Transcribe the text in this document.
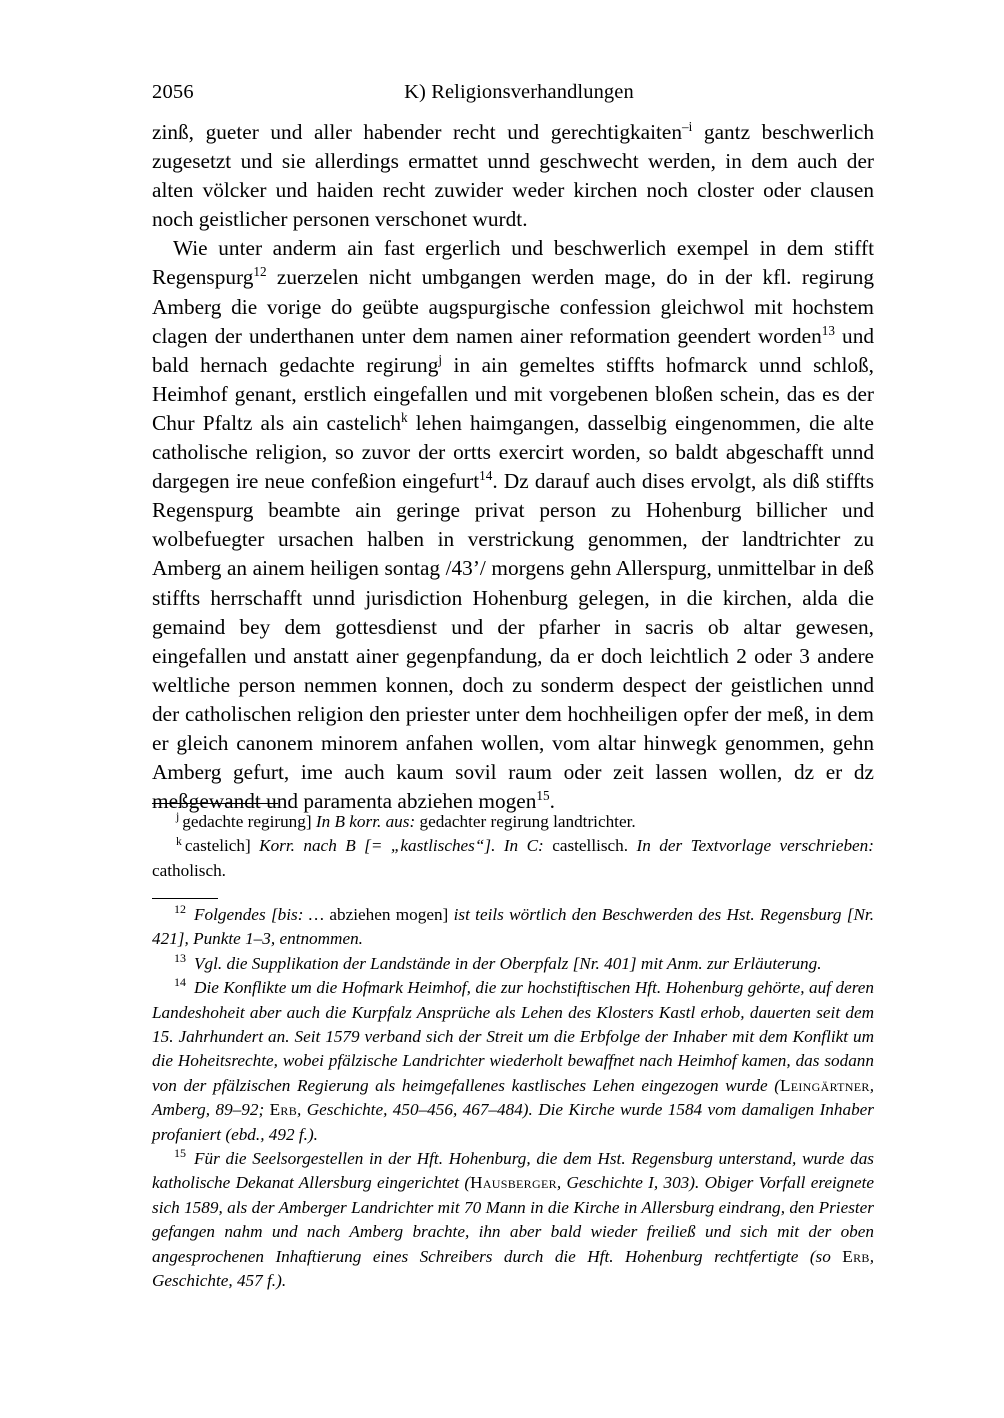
2056	K) Religionsverhandlungen

zinß, gueter und aller habender recht und gerechtigkaiten$^{-i}$ gantz beschwerlich zugesetzt und sie allerdings ermattet unnd geschwecht werden, in dem auch der alten völcker und haiden recht zuwider weder kirchen noch closter oder clausen noch geistlicher personen verschonet wurdt.

Wie unter anderm ain fast ergerlich und beschwerlich exempel in dem stifft Regenspurg$^{12}$ zuerzelen nicht umbgangen werden mage, do in der kfl. regirung Amberg die vorige do geübte augspurgische confession gleichwol mit hochstem clagen der underthanen unter dem namen ainer reformation geendert worden$^{13}$ und bald hernach gedachte regirung$^j$ in ain gemeltes stiffts hofmarck unnd schloß, Heimhof genant, erstlich eingefallen und mit vorgebenen bloßen schein, das es der Chur Pfaltz als ain castelich$^k$ lehen haimgangen, dasselbig eingenommen, die alte catholische religion, so zuvor der ortts exercirt worden, so baldt abgeschafft unnd dargegen ire neue confeßion eingefurt$^{14}$. Dz darauf auch dises ervolgt, als diß stiffts Regenspurg beambte ain geringe privat person zu Hohenburg billicher und wolbefuegter ursachen halben in verstrickung genommen, der landtrichter zu Amberg an ainem heiligen sontag /43’/ morgens gehn Allerspurg, unmittelbar in deß stiffts herrschafft unnd jurisdiction Hohenburg gelegen, in die kirchen, alda die gemaind bey dem gottesdienst und der pfarher in sacris ob altar gewesen, eingefallen und anstatt ainer gegenpfandung, da er doch leichtlich 2 oder 3 andere weltliche person nemmen konnen, doch zu sonderm despect der geistlichen unnd der catholischen religion den priester unter dem hochheiligen opfer der meß, in dem er gleich canonem minorem anfahen wollen, vom altar hinwegk genommen, gehn Amberg gefurt, ime auch kaum sovil raum oder zeit lassen wollen, dz er dz meßgewandt und paramenta abziehen mogen$^{15}$.

$^j$ gedachte regirung] In B korr. aus: gedachter regirung landtrichter.

$^k$ castelich] Korr. nach B [= „kastlisches“]. In C: castellisch. In der Textvorlage verschrieben: catholisch.

$^{12}$ Folgendes [bis: … abziehen mogen] ist teils wörtlich den Beschwerden des Hst. Regensburg [Nr. 421], Punkte 1–3, entnommen.

$^{13}$ Vgl. die Supplikation der Landstände in der Oberpfalz [Nr. 401] mit Anm. zur Erläuterung.

$^{14}$ Die Konflikte um die Hofmark Heimhof, die zur hochstiftischen Hft. Hohenburg gehörte, auf deren Landeshoheit aber auch die Kurpfalz Ansprüche als Lehen des Klosters Kastl erhob, dauerten seit dem 15. Jahrhundert an. Seit 1579 verband sich der Streit um die Erbfolge der Inhaber mit dem Konflikt um die Hoheitsrechte, wobei pfälzische Landrichter wiederholt bewaffnet nach Heimhof kamen, das sodann von der pfälzischen Regierung als heimgefallenes kastlisches Lehen eingezogen wurde (Leingärtner, Amberg, 89–92; Erb, Geschichte, 450–456, 467–484). Die Kirche wurde 1584 vom damaligen Inhaber profaniert (ebd., 492 f.).

$^{15}$ Für die Seelsorgestellen in der Hft. Hohenburg, die dem Hst. Regensburg unterstand, wurde das katholische Dekanat Allersburg eingerichtet (Hausberger, Geschichte I, 303). Obiger Vorfall ereignete sich 1589, als der Amberger Landrichter mit 70 Mann in die Kirche in Allersburg eindrang, den Priester gefangen nahm und nach Amberg brachte, ihn aber bald wieder freiließ und sich mit der oben angesprochenen Inhaftierung eines Schreibers durch die Hft. Hohenburg rechtfertigte (so Erb, Geschichte, 457 f.).
